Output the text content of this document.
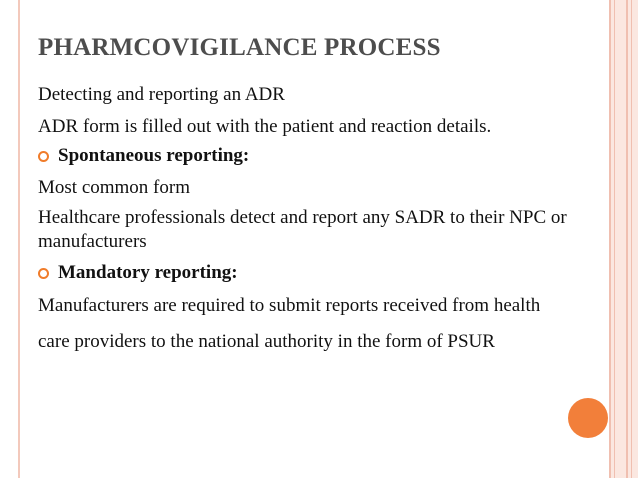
PHARMCOVIGILANCE PROCESS
Detecting and reporting an ADR
ADR form is filled out with the patient and reaction details.
Spontaneous reporting:
Most common form
Healthcare professionals detect and report any SADR to their NPC or manufacturers
Mandatory reporting:
Manufacturers are required to submit reports received from health
care providers to the national authority in the form of PSUR
